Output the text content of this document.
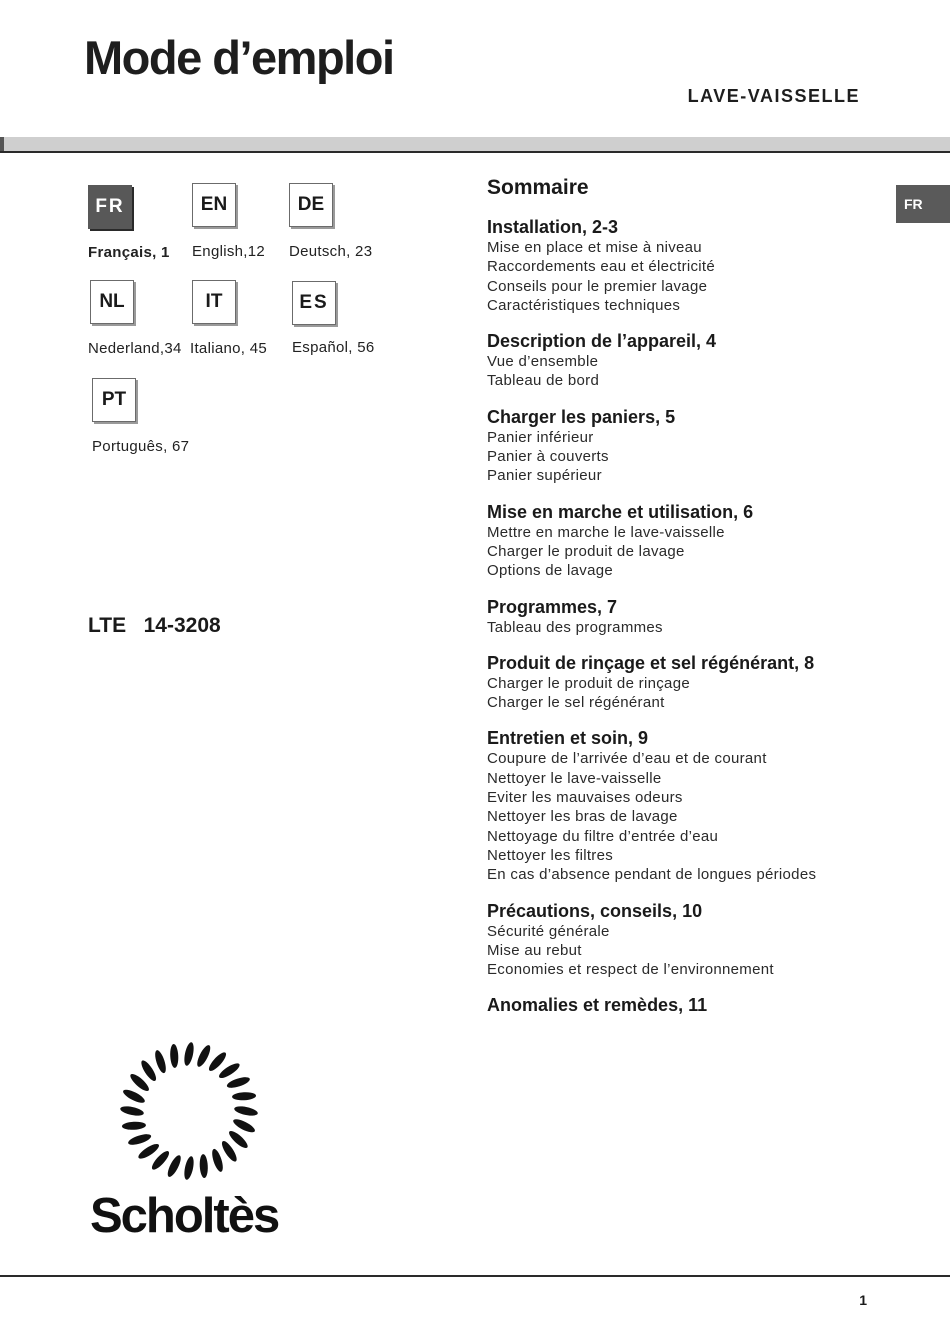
Mode d’emploi
LAVE-VAISSELLE
FR
Français, 1
EN
English,12
DE
Deutsch, 23
NL
Nederland,34
IT
Italiano, 45
ES
Español, 56
PT
Português, 67
LTE   14-3208
Sommaire
Installation, 2-3
Mise en place et mise à niveau
Raccordements eau et électricité
Conseils pour le premier lavage
Caractéristiques techniques
Description de l’appareil, 4
Vue d’ensemble
Tableau de bord
Charger les paniers, 5
Panier inférieur
Panier à couverts
Panier supérieur
Mise en marche et utilisation, 6
Mettre en marche le lave-vaisselle
Charger le produit de lavage
Options de lavage
Programmes, 7
Tableau des programmes
Produit de rinçage et sel régénérant, 8
Charger le produit de rinçage
Charger le sel régénérant
Entretien et soin, 9
Coupure de l’arrivée d’eau et de courant
Nettoyer le lave-vaisselle
Eviter les mauvaises odeurs
Nettoyer les bras de lavage
Nettoyage du filtre d’entrée d’eau
Nettoyer les filtres
En cas d’absence pendant de longues périodes
Précautions, conseils, 10
Sécurité générale
Mise au rebut
Economies et respect de l’environnement
Anomalies et remèdes, 11
FR
Scholtès
1
